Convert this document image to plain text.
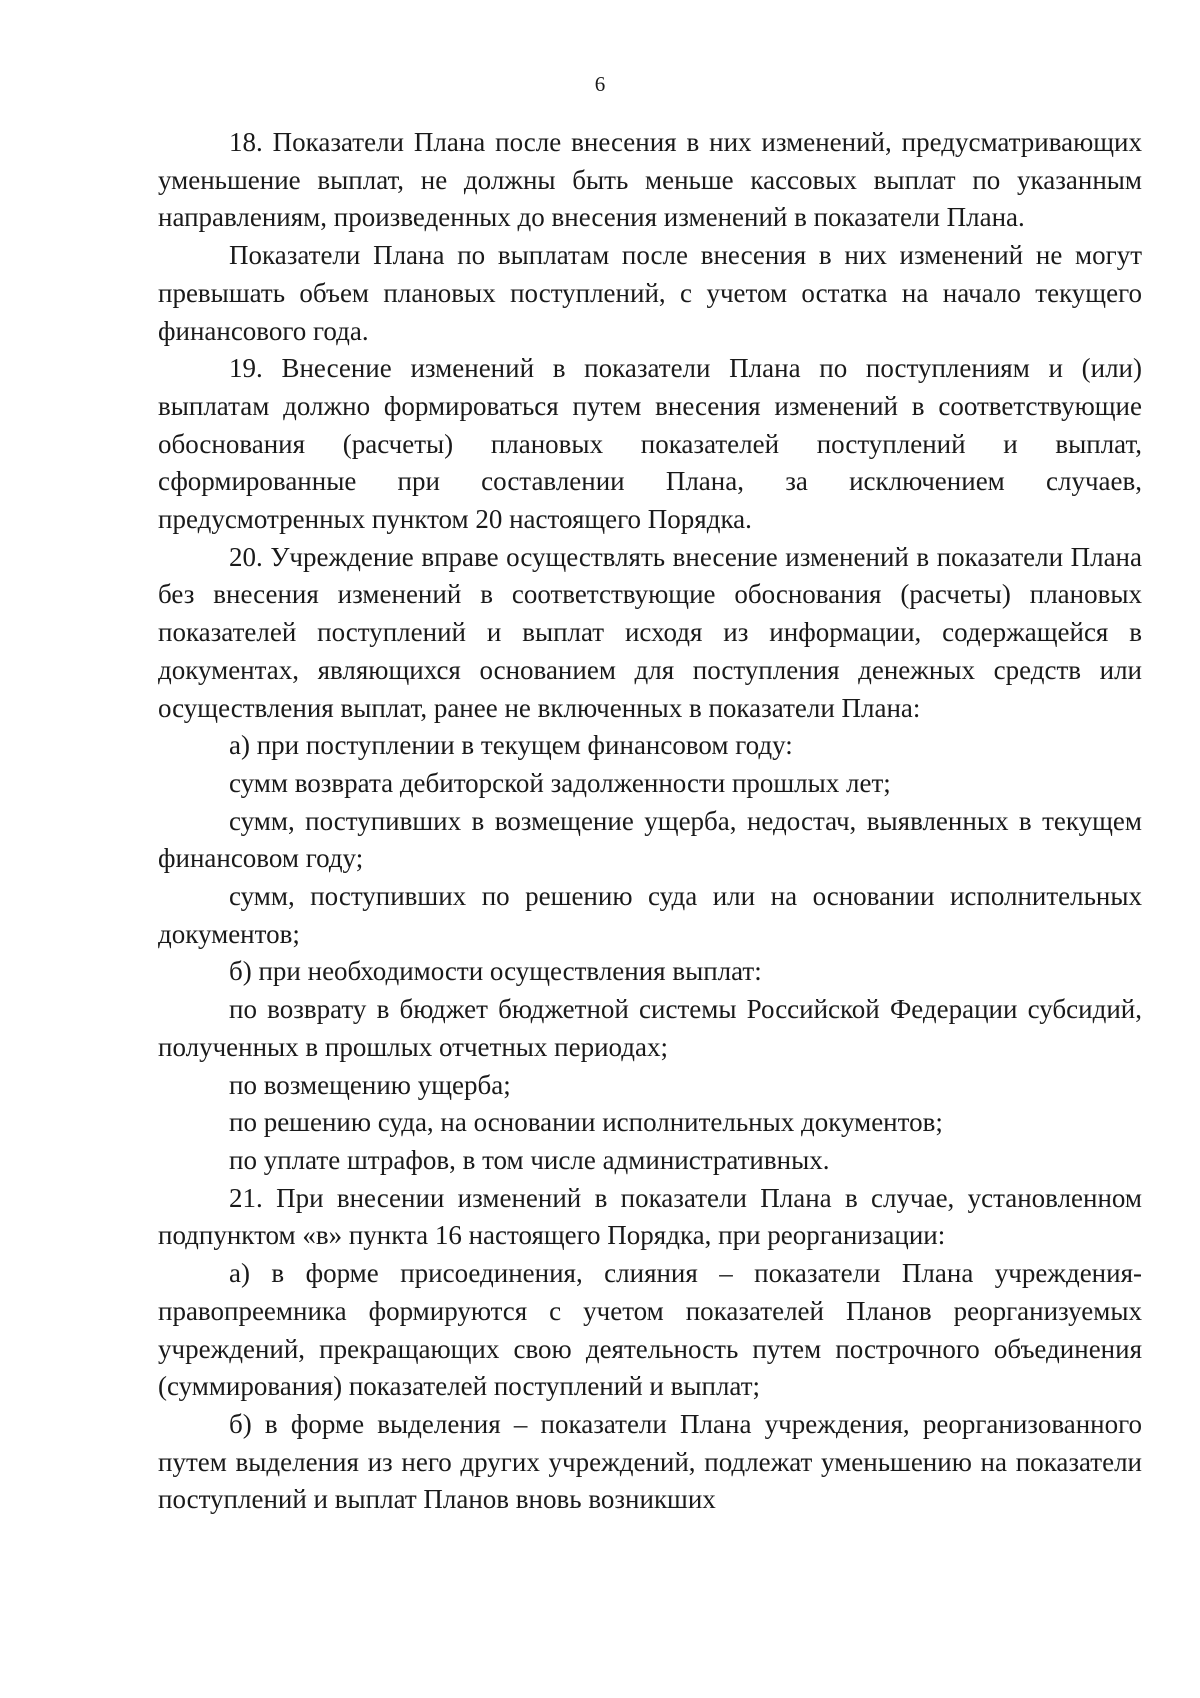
6

18. Показатели Плана после внесения в них изменений, предусматривающих уменьшение выплат, не должны быть меньше кассовых выплат по указанным направлениям, произведенных до внесения изменений в показатели Плана.

Показатели Плана по выплатам после внесения в них изменений не могут превышать объем плановых поступлений, с учетом остатка на начало текущего финансового года.

19. Внесение изменений в показатели Плана по поступлениям и (или) выплатам должно формироваться путем внесения изменений в соответствующие обоснования (расчеты) плановых показателей поступлений и выплат, сформированные при составлении Плана, за исключением случаев, предусмотренных пунктом 20 настоящего Порядка.

20. Учреждение вправе осуществлять внесение изменений в показатели Плана без внесения изменений в соответствующие обоснования (расчеты) плановых показателей поступлений и выплат исходя из информации, содержащейся в документах, являющихся основанием для поступления денежных средств или осуществления выплат, ранее не включенных в показатели Плана:

а) при поступлении в текущем финансовом году:

сумм возврата дебиторской задолженности прошлых лет;

сумм, поступивших в возмещение ущерба, недостач, выявленных в текущем финансовом году;

сумм, поступивших по решению суда или на основании исполнительных документов;

б) при необходимости осуществления выплат:

по возврату в бюджет бюджетной системы Российской Федерации субсидий, полученных в прошлых отчетных периодах;

по возмещению ущерба;

по решению суда, на основании исполнительных документов;

по уплате штрафов, в том числе административных.

21. При внесении изменений в показатели Плана в случае, установленном подпунктом «в» пункта 16 настоящего Порядка, при реорганизации:

а) в форме присоединения, слияния – показатели Плана учреждения-правопреемника формируются с учетом показателей Планов реорганизуемых учреждений, прекращающих свою деятельность путем построчного объединения (суммирования) показателей поступлений и выплат;

б) в форме выделения – показатели Плана учреждения, реорганизованного путем выделения из него других учреждений, подлежат уменьшению на показатели поступлений и выплат Планов вновь возникших
